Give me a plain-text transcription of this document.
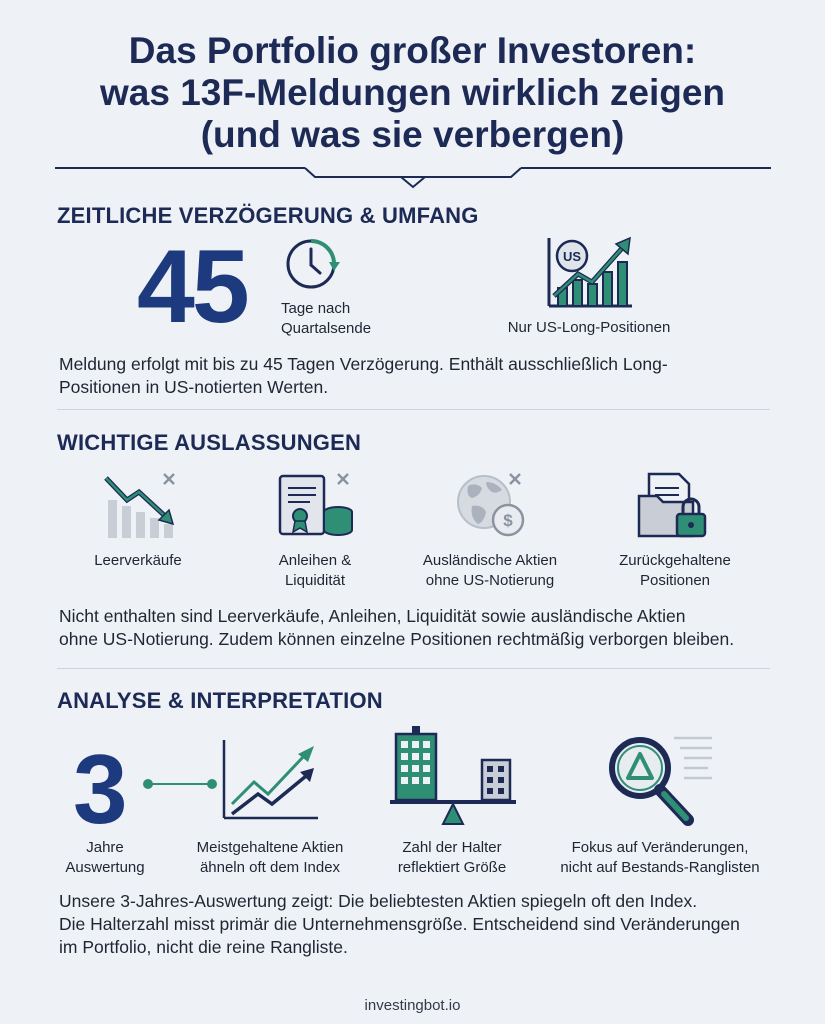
Das Portfolio großer Investoren:
was 13F-Meldungen wirklich zeigen
(und was sie verbergen)
ZEITLICHE VERZÖGERUNG & UMFANG
45 Tage nach
Quartalsende
US
Nur US-Long-Positionen
Meldung erfolgt mit bis zu 45 Tagen Verzögerung. Enthält ausschließlich Long-
Positionen in US-notierten Werten.
WICHTIGE AUSLASSUNGEN
$
Leerverkäufe	Anleihen &
Liquidität
Ausländische Aktien
ohne US-Notierung
Zurückgehaltene
Positionen
Nicht enthalten sind Leerverkäufe, Anleihen, Liquidität sowie ausländische Aktien
ohne US-Notierung. Zudem können einzelne Positionen rechtmäßig verborgen bleiben.
ANALYSE & INTERPRETATION
3
Jahre
Auswertung
Meistgehaltene Aktien
ähneln oft dem Index
Zahl der Halter
reflektiert Größe
Fokus auf Veränderungen,
nicht auf Bestands-Ranglisten
Unsere 3-Jahres-Auswertung zeigt: Die beliebtesten Aktien spiegeln oft den Index.
Die Halterzahl misst primär die Unternehmensgröße. Entscheidend sind Veränderungen
im Portfolio, nicht die reine Rangliste.
investingbot.io
